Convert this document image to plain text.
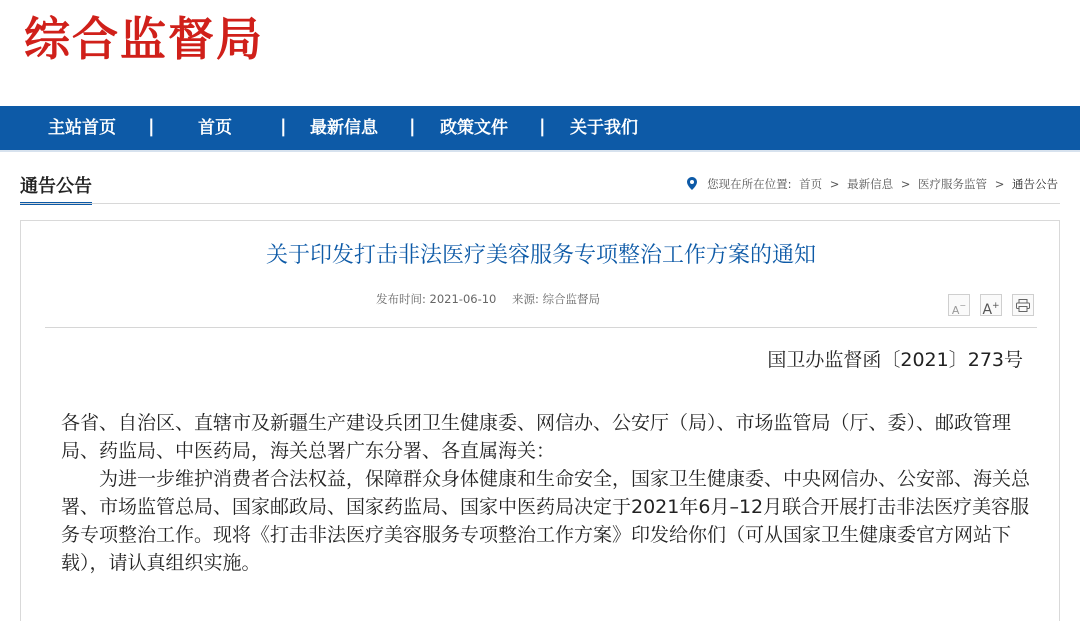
综合监督局
主站首页 |	首页	| 最新信息 | 政策文件 | 关于我们
通告公告	您现在所在位置: 首页 > 最新信息 > 医疗服务监管 > 通告公告
关于印发打击非法医疗美容服务专项整治工作方案的通知
发布时间: 2021-06-10 来源: 综合监督局
A− A+
国卫办监督函〔2021〕273号

各省、自治区、直辖市及新疆生产建设兵团卫生健康委、网信办、公安厅（局）、市场监管局（厅、委）、邮政管理局、药监局、中医药局，海关总署广东分署、各直属海关：

为进一步维护消费者合法权益，保障群众身体健康和生命安全，国家卫生健康委、中央网信办、公安部、海关总署、市场监管总局、国家邮政局、国家药监局、国家中医药局决定于2021年6月–12月联合开展打击非法医疗美容服务专项整治工作。现将《打击非法医疗美容服务专项整治工作方案》印发给你们（可从国家卫生健康委官方网站下载），请认真组织实施。
